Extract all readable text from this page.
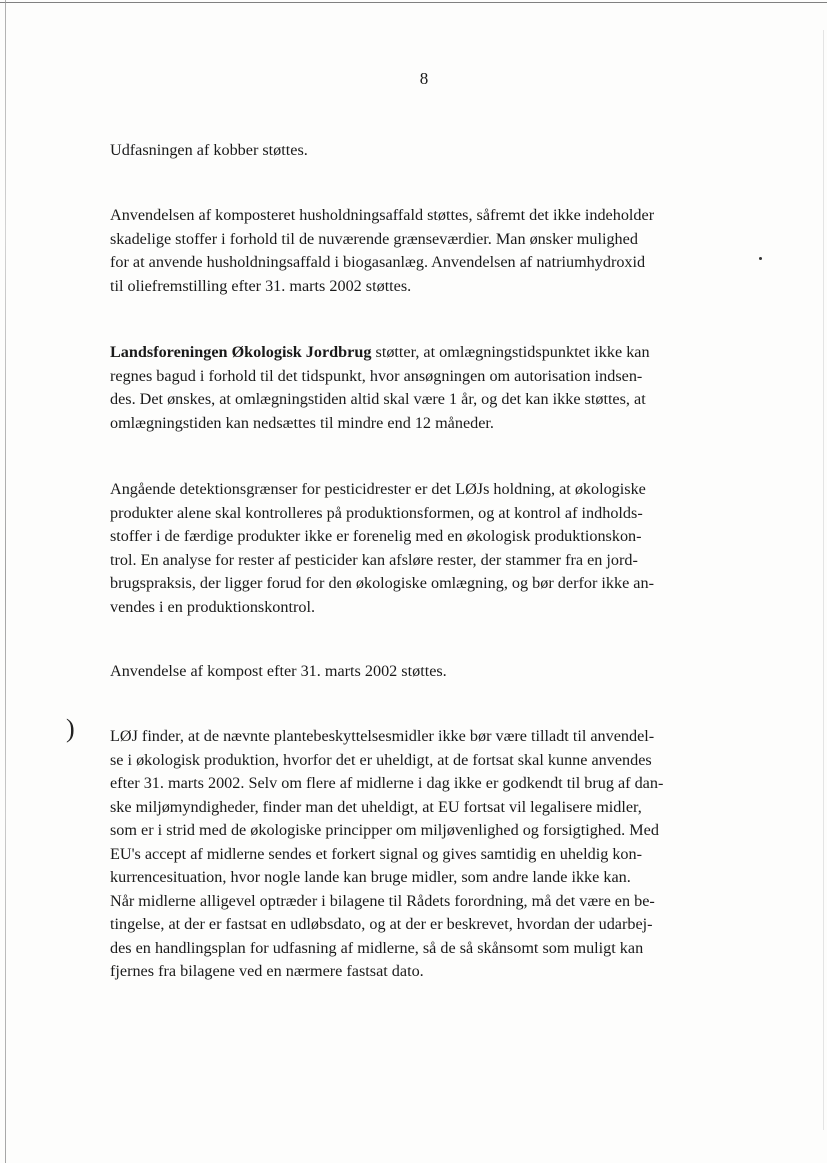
)
8

Udfasningen af kobber støttes.

Anvendelsen af komposteret husholdningsaffald støttes, såfremt det ikke indeholder
skadelige stoffer i forhold til de nuværende grænseværdier. Man ønsker mulighed
for at anvende husholdningsaffald i biogasanlæg. Anvendelsen af natriumhydroxid
til oliefremstilling efter 31. marts 2002 støttes.

Landsforeningen Økologisk Jordbrug støtter, at omlægningstidspunktet ikke kan
regnes bagud i forhold til det tidspunkt, hvor ansøgningen om autorisation indsen-
des. Det ønskes, at omlægningstiden altid skal være 1 år, og det kan ikke støttes, at
omlægningstiden kan nedsættes til mindre end 12 måneder.

Angående detektionsgrænser for pesticidrester er det LØJs holdning, at økologiske
produkter alene skal kontrolleres på produktionsformen, og at kontrol af indholds-
stoffer i de færdige produkter ikke er forenelig med en økologisk produktionskon-
trol. En analyse for rester af pesticider kan afsløre rester, der stammer fra en jord-
brugspraksis, der ligger forud for den økologiske omlægning, og bør derfor ikke an-
vendes i en produktionskontrol.

Anvendelse af kompost efter 31. marts 2002 støttes.

LØJ finder, at de nævnte plantebeskyttelsesmidler ikke bør være tilladt til anvendel-
se i økologisk produktion, hvorfor det er uheldigt, at de fortsat skal kunne anvendes
efter 31. marts 2002. Selv om flere af midlerne i dag ikke er godkendt til brug af dan-
ske miljømyndigheder, finder man det uheldigt, at EU fortsat vil legalisere midler,
som er i strid med de økologiske principper om miljøvenlighed og forsigtighed. Med
EU's accept af midlerne sendes et forkert signal og gives samtidig en uheldig kon-
kurrencesituation, hvor nogle lande kan bruge midler, som andre lande ikke kan.
Når midlerne alligevel optræder i bilagene til Rådets forordning, må det være en be-
tingelse, at der er fastsat en udløbsdato, og at der er beskrevet, hvordan der udarbej-
des en handlingsplan for udfasning af midlerne, så de så skånsomt som muligt kan
fjernes fra bilagene ved en nærmere fastsat dato.
